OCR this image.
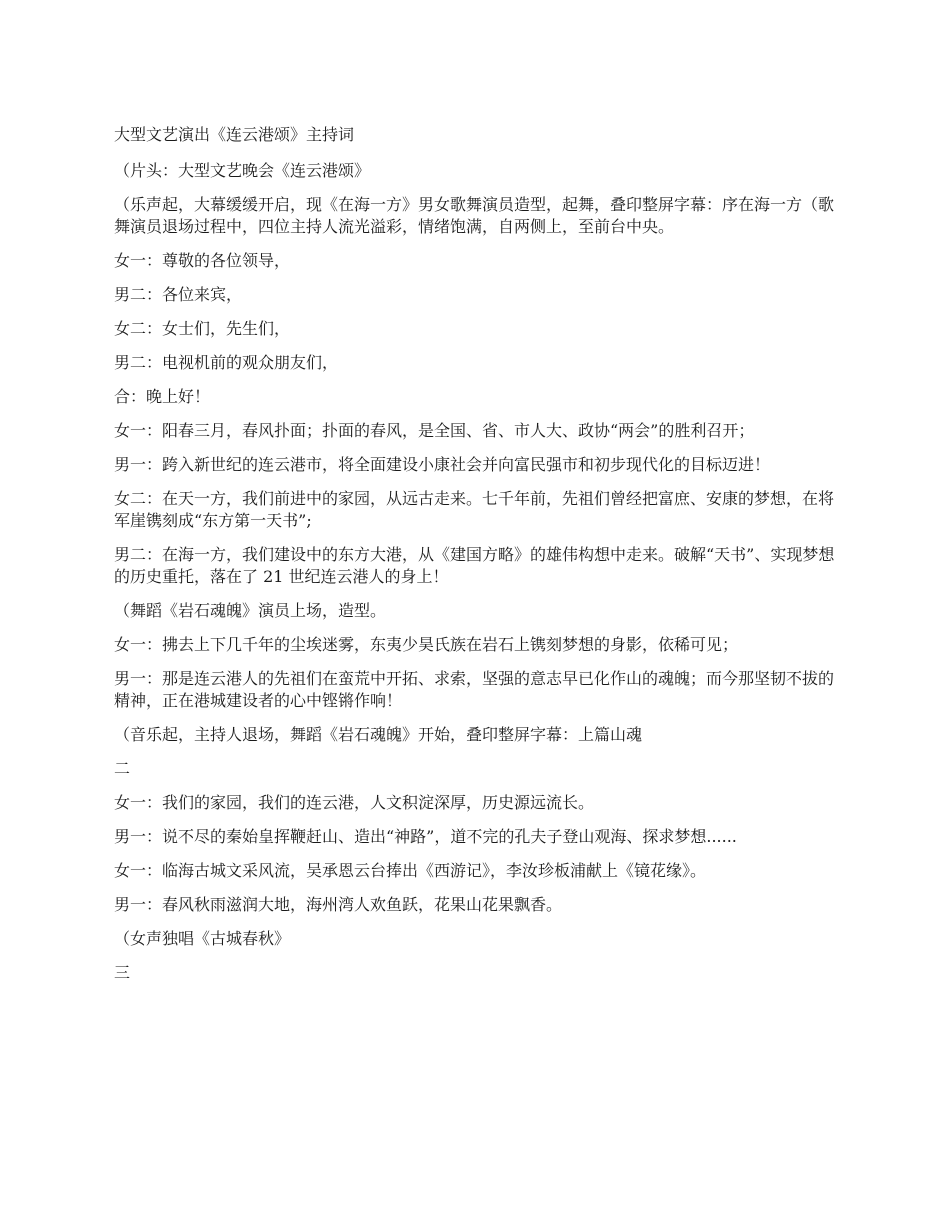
大型文艺演出《连云港颂》主持词
（片头：大型文艺晚会《连云港颂》
（乐声起，大幕缓缓开启，现《在海一方》男女歌舞演员造型，起舞，叠印整屏字幕：序在海一方（歌舞演员退场过程中，四位主持人流光溢彩，情绪饱满，自两侧上，至前台中央。
女一：尊敬的各位领导，
男二：各位来宾，
女二：女士们，先生们，
男二：电视机前的观众朋友们，
合：晚上好！
女一：阳春三月，春风扑面；扑面的春风，是全国、省、市人大、政协“两会”的胜利召开；
男一：跨入新世纪的连云港市，将全面建设小康社会并向富民强市和初步现代化的目标迈进！
女二：在天一方，我们前进中的家园，从远古走来。七千年前，先祖们曾经把富庶、安康的梦想，在将军崖镌刻成“东方第一天书”;
男二：在海一方，我们建设中的东方大港，从《建国方略》的雄伟构想中走来。破解“天书”、实现梦想的历史重托，落在了 21 世纪连云港人的身上！
（舞蹈《岩石魂魄》演员上场，造型。
女一：拂去上下几千年的尘埃迷雾，东夷少昊氏族在岩石上镌刻梦想的身影，依稀可见；
男一：那是连云港人的先祖们在蛮荒中开拓、求索，坚强的意志早已化作山的魂魄；而今那坚韧不拔的精神，正在港城建设者的心中铿锵作响！
（音乐起，主持人退场，舞蹈《岩石魂魄》开始，叠印整屏字幕：上篇山魂
二
女一：我们的家园，我们的连云港，人文积淀深厚，历史源远流长。
男一：说不尽的秦始皇挥鞭赶山、造出“神路”，道不完的孔夫子登山观海、探求梦想......
女一：临海古城文采风流，吴承恩云台捧出《西游记》，李汝珍板浦献上《镜花缘》。
男一：春风秋雨滋润大地，海州湾人欢鱼跃，花果山花果飘香。
（女声独唱《古城春秋》
三
